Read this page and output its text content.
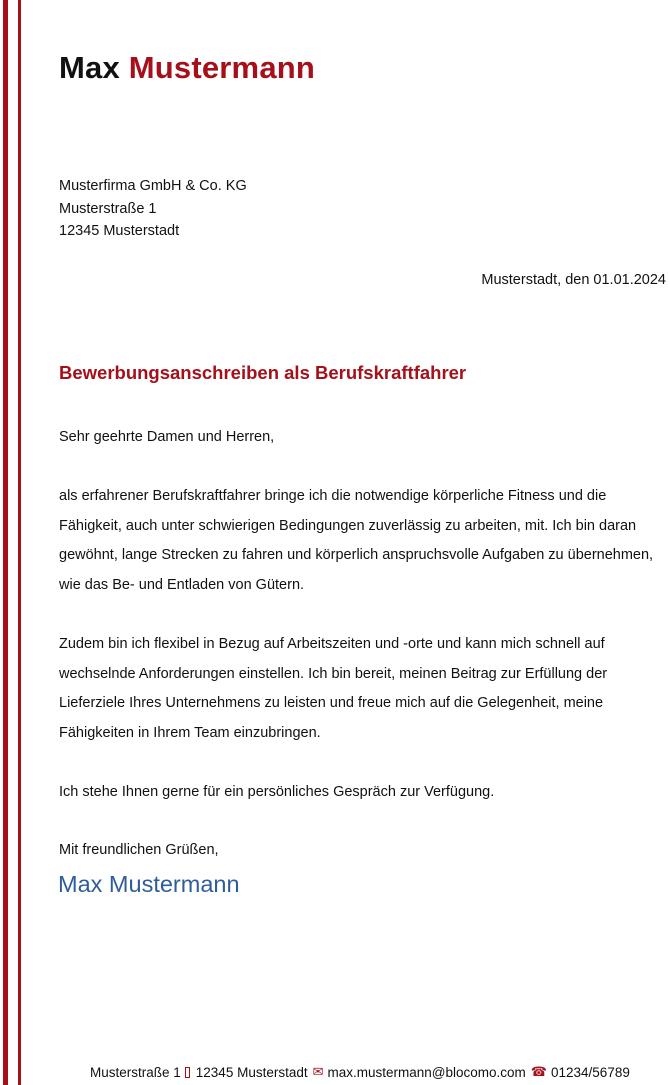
Max Mustermann
Musterfirma GmbH & Co. KG
Musterstraße 1
12345 Musterstadt
Musterstadt, den 01.01.2024
Bewerbungsanschreiben als Berufskraftfahrer
Sehr geehrte Damen und Herren,
als erfahrener Berufskraftfahrer bringe ich die notwendige körperliche Fitness und die
Fähigkeit, auch unter schwierigen Bedingungen zuverlässig zu arbeiten, mit. Ich bin daran
gewöhnt, lange Strecken zu fahren und körperlich anspruchsvolle Aufgaben zu übernehmen,
wie das Be- und Entladen von Gütern.
Zudem bin ich flexibel in Bezug auf Arbeitszeiten und -orte und kann mich schnell auf
wechselnde Anforderungen einstellen. Ich bin bereit, meinen Beitrag zur Erfüllung der
Lieferziele Ihres Unternehmens zu leisten und freue mich auf die Gelegenheit, meine
Fähigkeiten in Ihrem Team einzubringen.
Ich stehe Ihnen gerne für ein persönliches Gespräch zur Verfügung.
Mit freundlichen Grüßen,
Max Mustermann
Musterstraße 1 12345 Musterstadt ✉ max.mustermann@blocomo.com ☎ 01234/56789
